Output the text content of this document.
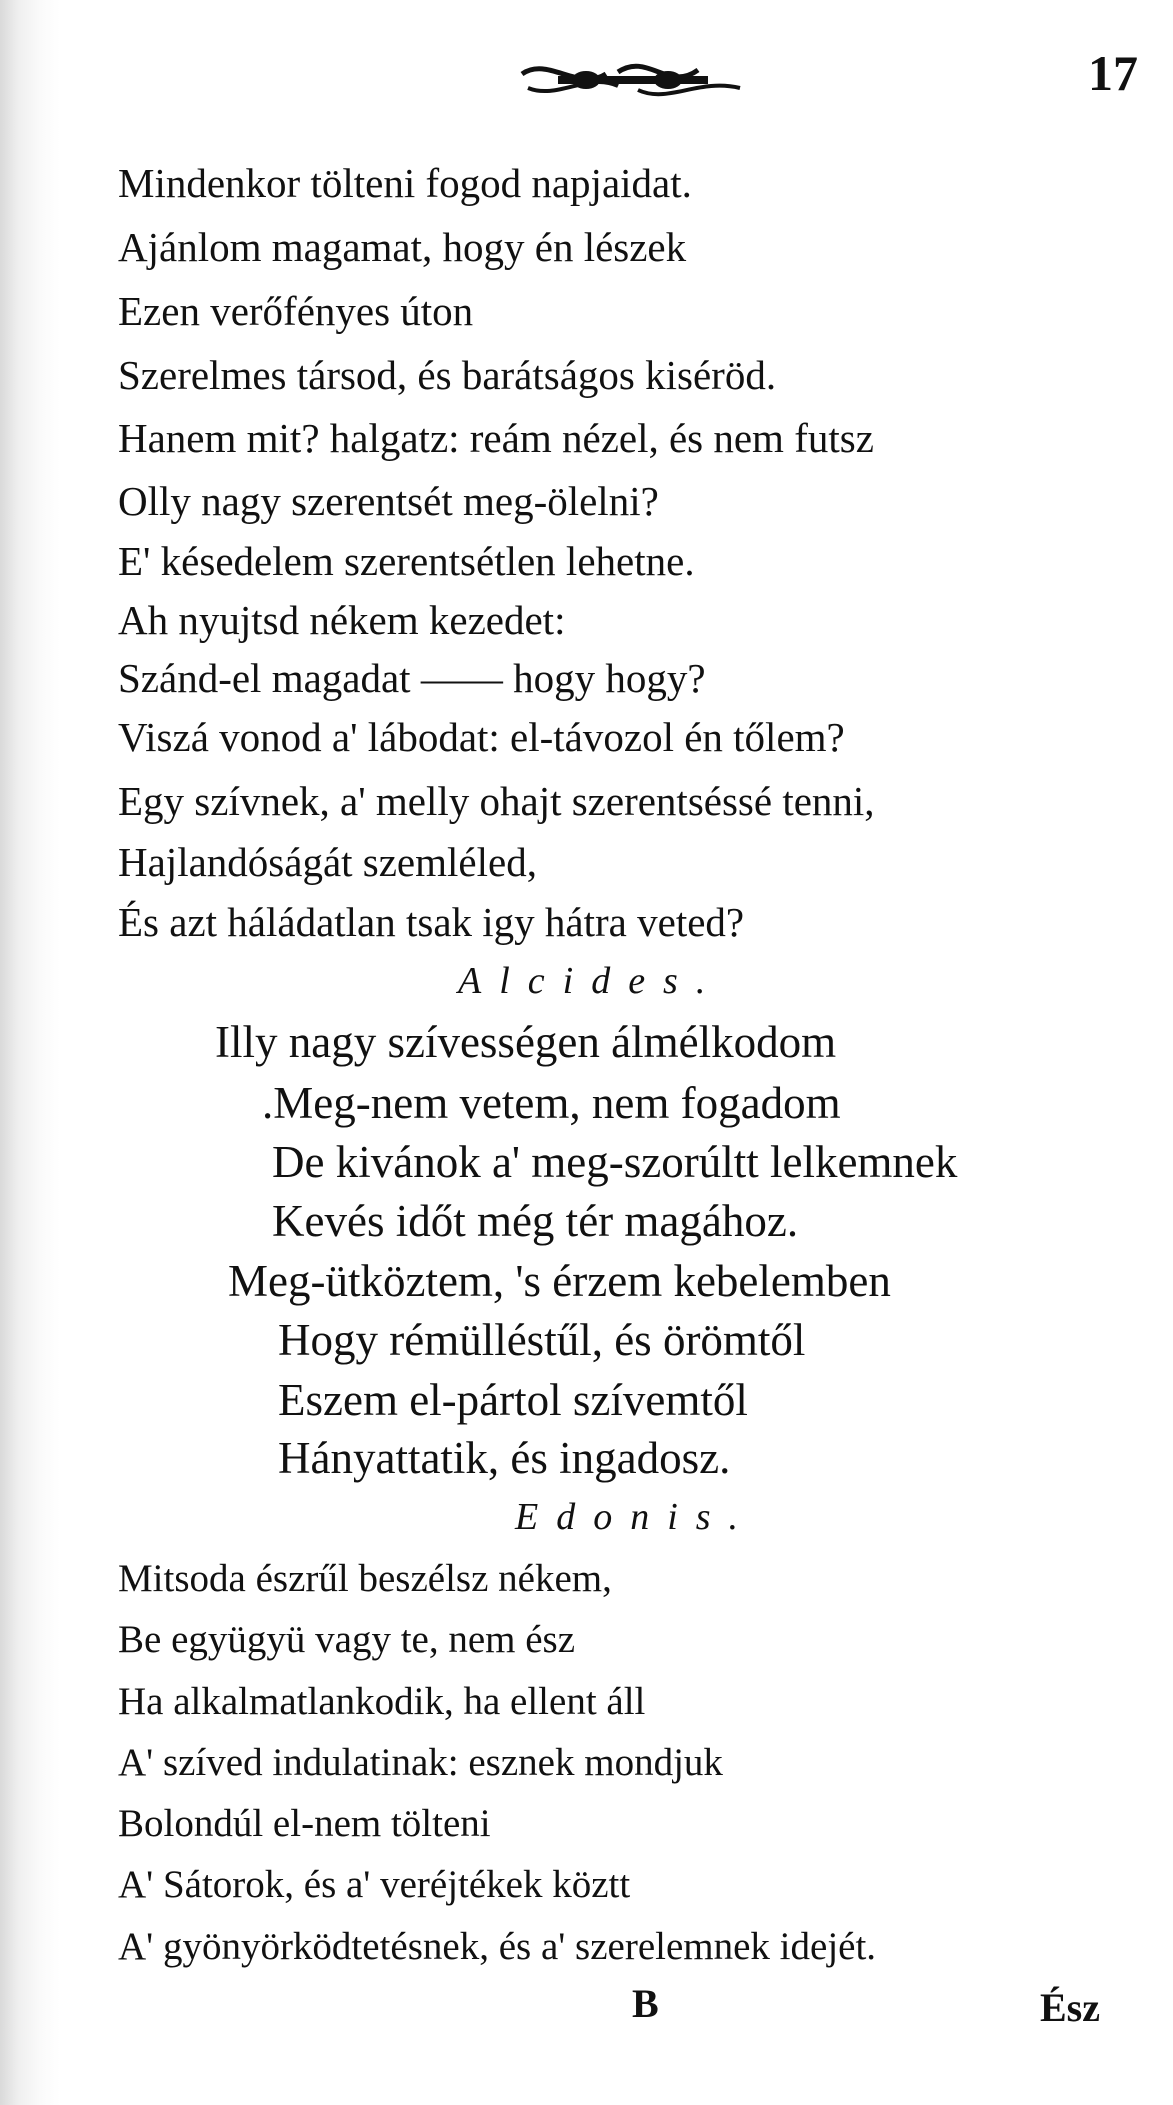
17
Mindenkor tölteni fogod napjaidat.
Ajánlom magamat, hogy én lészek
Ezen verőfényes úton
Szerelmes társod, és barátságos kiséröd.
Hanem mit? halgatz: reám nézel, és nem futsz
Olly nagy szerentsét meg-ölelni?
E' késedelem szerentsétlen lehetne.
Ah nyujtsd nékem kezedet:
Szánd-el magadat —— hogy hogy?
Viszá vonod a' lábodat: el-távozol én tőlem?
Egy szívnek, a' melly ohajt szerentséssé tenni,
Hajlandóságát szemléled,
És azt háládatlan tsak igy hátra veted?
Alcides.
Illy nagy szívességen álmélkodom
.Meg-nem vetem, nem fogadom
De kivánok a' meg-szorúltt lelkemnek
Kevés időt még tér magához.
Meg-ütköztem, 's érzem kebelemben
Hogy rémülléstűl, és örömtől
Eszem el-pártol szívemtől
Hányattatik, és ingadosz.
Edonis.
Mitsoda észrűl beszélsz nékem,
Be együgyü vagy te, nem ész
Ha alkalmatlankodik, ha ellent áll
A' szíved indulatinak: esznek mondjuk
Bolondúl el-nem tölteni
A' Sátorok, és a' veréjtékek köztt
A' gyönyörködtetésnek, és a' szerelemnek idejét.
B	Ész
